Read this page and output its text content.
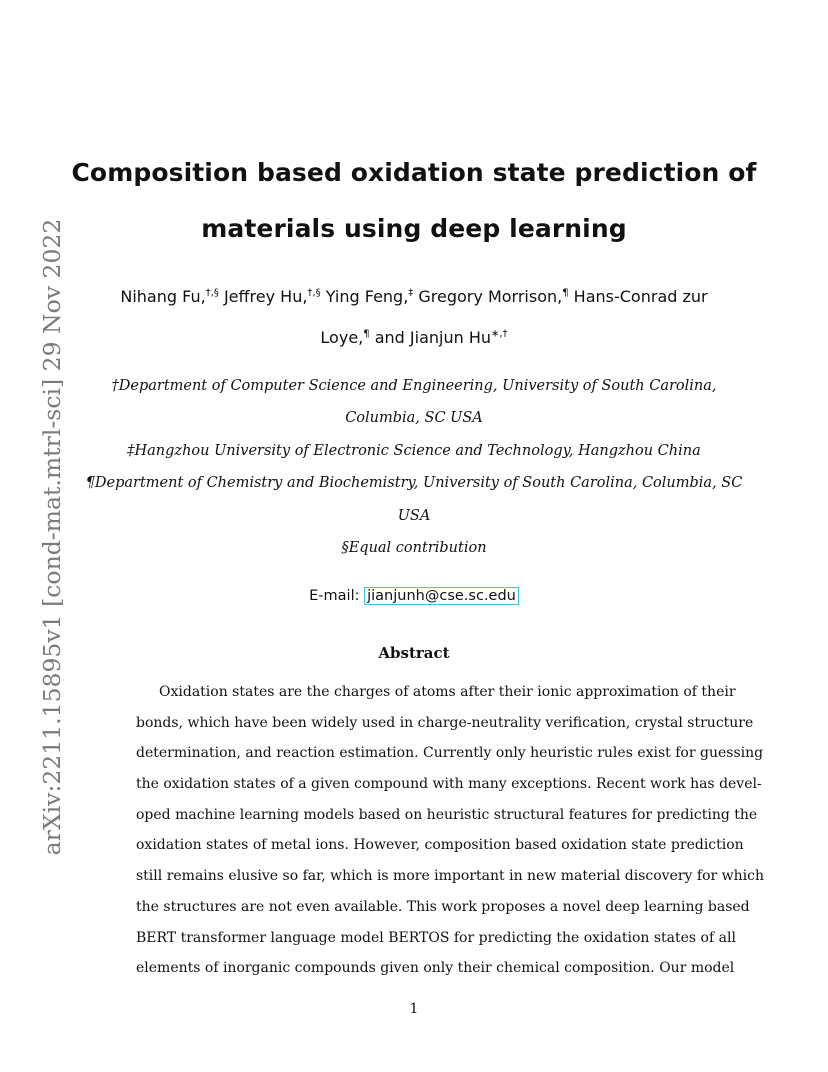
arXiv:2211.15895v1 [cond-mat.mtrl-sci] 29 Nov 2022
Composition based oxidation state prediction of
materials using deep learning
Nihang Fu,†,§ Jeffrey Hu,†,§ Ying Feng,‡ Gregory Morrison,¶ Hans-Conrad zur
Loye,¶ and Jianjun Hu∗,†
†Department of Computer Science and Engineering, University of South Carolina,
Columbia, SC USA
‡Hangzhou University of Electronic Science and Technology, Hangzhou China
¶Department of Chemistry and Biochemistry, University of South Carolina, Columbia, SC
USA
§Equal contribution
E-mail: jianjunh@cse.sc.edu
Abstract
Oxidation states are the charges of atoms after their ionic approximation of their
bonds, which have been widely used in charge-neutrality verification, crystal structure
determination, and reaction estimation. Currently only heuristic rules exist for guessing
the oxidation states of a given compound with many exceptions. Recent work has devel-
oped machine learning models based on heuristic structural features for predicting the
oxidation states of metal ions. However, composition based oxidation state prediction
still remains elusive so far, which is more important in new material discovery for which
the structures are not even available. This work proposes a novel deep learning based
BERT transformer language model BERTOS for predicting the oxidation states of all
elements of inorganic compounds given only their chemical composition. Our model
1
